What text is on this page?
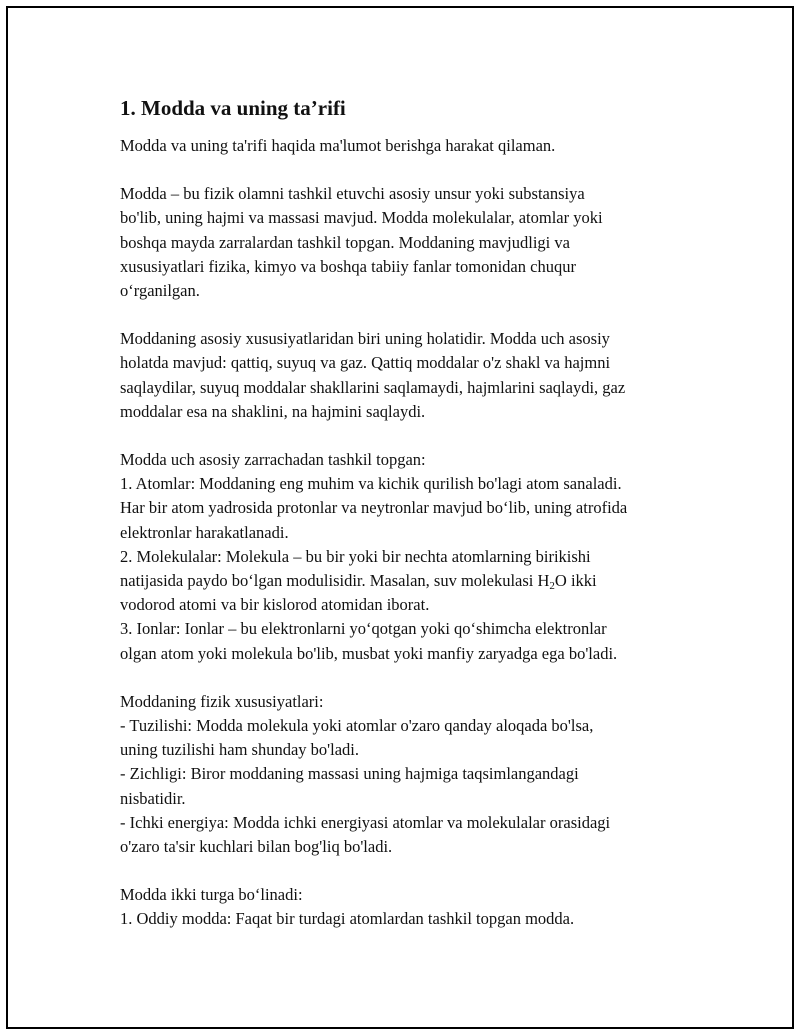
1. Modda va uning ta’rifi

Modda va uning ta'rifi haqida ma'lumot berishga harakat qilaman.

Modda – bu fizik olamni tashkil etuvchi asosiy unsur yoki substansiya
bo'lib, uning hajmi va massasi mavjud. Modda molekulalar, atomlar yoki
boshqa mayda zarralardan tashkil topgan. Moddaning mavjudligi va
xususiyatlari fizika, kimyo va boshqa tabiiy fanlar tomonidan chuqur
o‘rganilgan.

Moddaning asosiy xususiyatlaridan biri uning holatidir. Modda uch asosiy
holatda mavjud: qattiq, suyuq va gaz. Qattiq moddalar o'z shakl va hajmni
saqlaydilar, suyuq moddalar shakllarini saqlamaydi, hajmlarini saqlaydi, gaz
moddalar esa na shaklini, na hajmini saqlaydi.

Modda uch asosiy zarrachadan tashkil topgan:
1. Atomlar: Moddaning eng muhim va kichik qurilish bo'lagi atom sanaladi.
Har bir atom yadrosida protonlar va neytronlar mavjud bo‘lib, uning atrofida
elektronlar harakatlanadi.
2. Molekulalar: Molekula – bu bir yoki bir nechta atomlarning birikishi
natijasida paydo bo‘lgan modulisidir. Masalan, suv molekulasi $H_2O$ ikki
vodorod atomi va bir kislorod atomidan iborat.
3. Ionlar: Ionlar – bu elektronlarni yo‘qotgan yoki qo‘shimcha elektronlar
olgan atom yoki molekula bo'lib, musbat yoki manfiy zaryadga ega bo'ladi.

Moddaning fizik xususiyatlari:
- Tuzilishi: Modda molekula yoki atomlar o'zaro qanday aloqada bo'lsa,
uning tuzilishi ham shunday bo'ladi.
- Zichligi: Biror moddaning massasi uning hajmiga taqsimlangandagi
nisbatidir.
- Ichki energiya: Modda ichki energiyasi atomlar va molekulalar orasidagi
o'zaro ta'sir kuchlari bilan bog'liq bo'ladi.

Modda ikki turga bo‘linadi:
1. Oddiy modda: Faqat bir turdagi atomlardan tashkil topgan modda.
